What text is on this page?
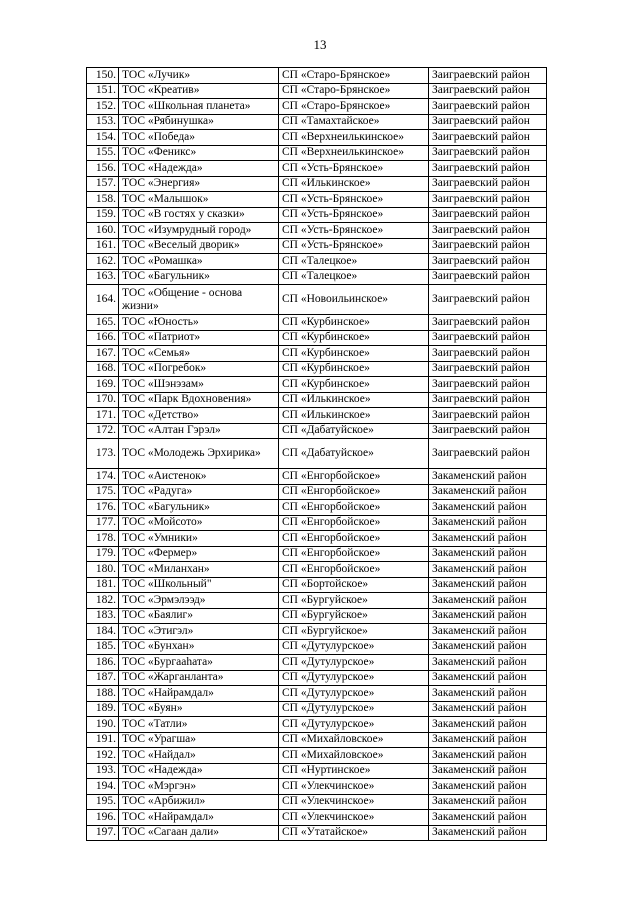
13
150.	ТОС «Лучик»	СП «Старо-Брянское»	Заиграевский район
151.	ТОС «Креатив»	СП «Старо-Брянское»	Заиграевский район
152.	ТОС «Школьная планета»	СП «Старо-Брянское»	Заиграевский район
153.	ТОС «Рябинушка»	СП «Тамахтайское»	Заиграевский район
154.	ТОС «Победа»	СП «Верхнеилькинское»	Заиграевский район
155.	ТОС «Феникс»	СП «Верхнеилькинское»	Заиграевский район
156.	ТОС «Надежда»	СП «Усть-Брянское»	Заиграевский район
157.	ТОС «Энергия»	СП «Илькинское»	Заиграевский район
158.	ТОС «Малышок»	СП «Усть-Брянское»	Заиграевский район
159.	ТОС «В гостях у сказки»	СП «Усть-Брянское»	Заиграевский район
160.	ТОС «Изумрудный город»	СП «Усть-Брянское»	Заиграевский район
161.	ТОС «Веселый дворик»	СП «Усть-Брянское»	Заиграевский район
162.	ТОС «Ромашка»	СП «Талецкое»	Заиграевский район
163.	ТОС «Багульник»	СП «Талецкое»	Заиграевский район
164.	ТОС «Общение - основа жизни»	СП «Новоильинское»	Заиграевский район
165.	ТОС «Юность»	СП «Курбинское»	Заиграевский район
166.	ТОС «Патриот»	СП «Курбинское»	Заиграевский район
167.	ТОС «Семья»	СП «Курбинское»	Заиграевский район
168.	ТОС «Погребок»	СП «Курбинское»	Заиграевский район
169.	ТОС «Шэнэзам»	СП «Курбинское»	Заиграевский район
170.	ТОС «Парк Вдохновения»	СП «Илькинское»	Заиграевский район
171.	ТОС «Детство»	СП «Илькинское»	Заиграевский район
172.	ТОС «Алтан Гэрэл»	СП «Дабатуйское»	Заиграевский район
173.	ТОС «Молодежь Эрхирика»	СП «Дабатуйское»	Заиграевский район
174.	ТОС «Аистенок»	СП «Енгорбойское»	Закаменский район
175.	ТОС «Радуга»	СП «Енгорбойское»	Закаменский район
176.	ТОС «Багульник»	СП «Енгорбойское»	Закаменский район
177.	ТОС «Мойсото»	СП «Енгорбойское»	Закаменский район
178.	ТОС «Умники»	СП «Енгорбойское»	Закаменский район
179.	ТОС «Фермер»	СП «Енгорбойское»	Закаменский район
180.	ТОС «Миланхан»	СП «Енгорбойское»	Закаменский район
181.	ТОС «Школьный"	СП «Бортойское»	Закаменский район
182.	ТОС «Эрмэлээд»	СП «Бургуйское»	Закаменский район
183.	ТОС «Баялиг»	СП «Бургуйское»	Закаменский район
184.	ТОС «Этигэл»	СП «Бургуйское»	Закаменский район
185.	ТОС «Бунхан»	СП «Дутулурское»	Закаменский район
186.	ТОС «Бургааhата»	СП «Дутулурское»	Закаменский район
187.	ТОС «Жарганланта»	СП «Дутулурское»	Закаменский район
188.	ТОС «Найрамдал»	СП «Дутулурское»	Закаменский район
189.	ТОС «Буян»	СП «Дутулурское»	Закаменский район
190.	ТОС «Татли»	СП «Дутулурское»	Закаменский район
191.	ТОС «Урагша»	СП «Михайловское»	Закаменский район
192.	ТОС «Найдал»	СП «Михайловское»	Закаменский район
193.	ТОС «Надежда»	СП «Нуртинское»	Закаменский район
194.	ТОС «Мэргэн»	СП «Улекчинское»	Закаменский район
195.	ТОС «Арбижил»	СП «Улекчинское»	Закаменский район
196.	ТОС «Найрамдал»	СП «Улекчинское»	Закаменский район
197.	ТОС «Сагаан дали»	СП «Утатайское»	Закаменский район
